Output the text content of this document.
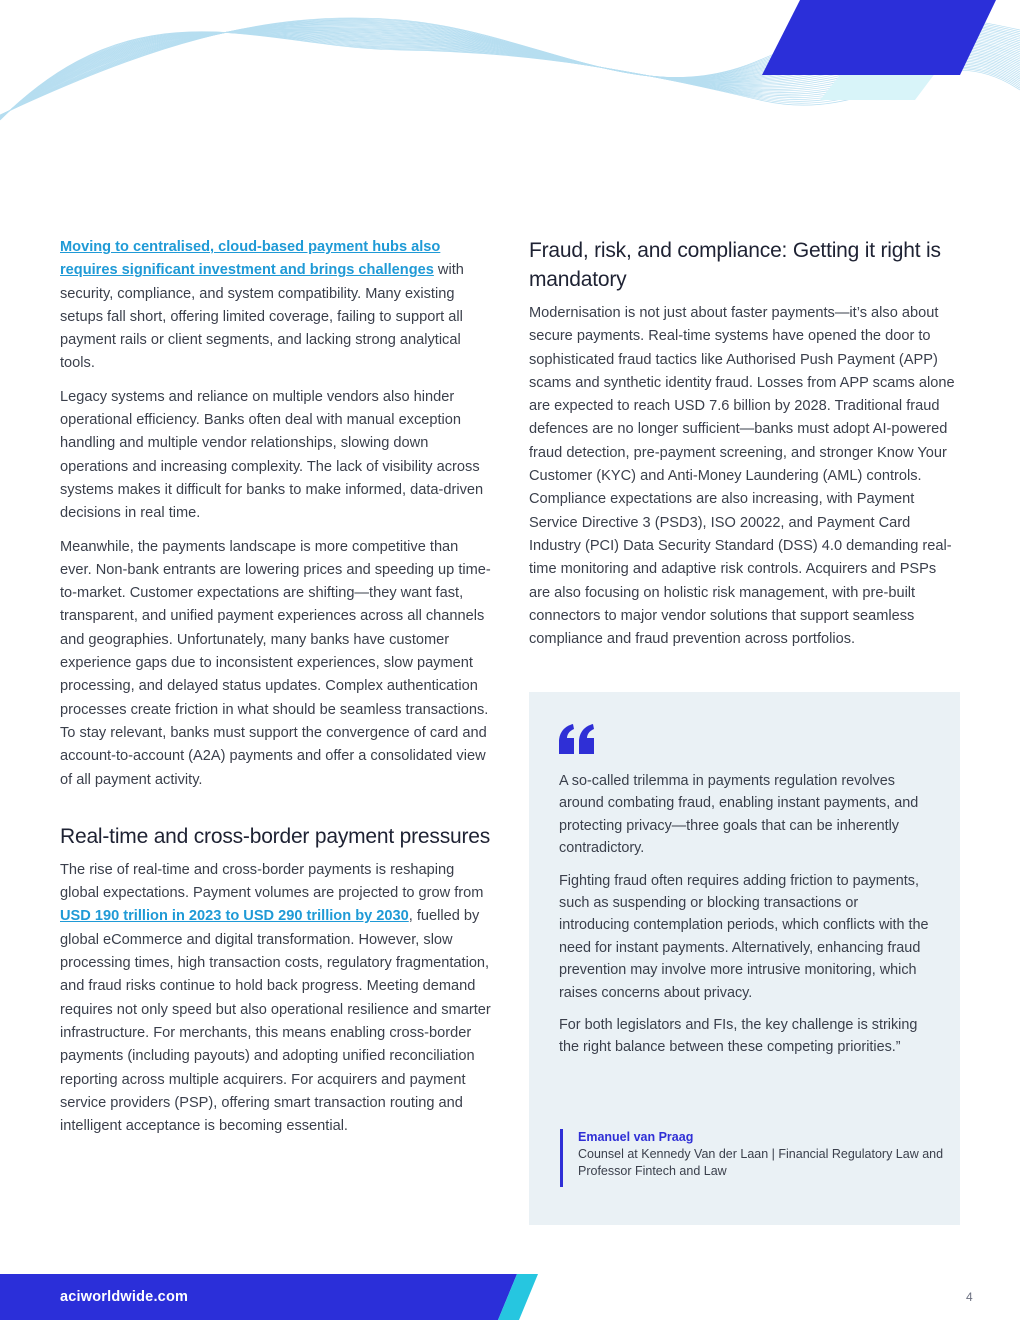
Moving to centralised, cloud-based payment hubs also requires significant investment and brings challenges with security, compliance, and system compatibility. Many existing setups fall short, offering limited coverage, failing to support all payment rails or client segments, and lacking strong analytical tools.

Legacy systems and reliance on multiple vendors also hinder operational efficiency. Banks often deal with manual exception handling and multiple vendor relationships, slowing down operations and increasing complexity. The lack of visibility across systems makes it difficult for banks to make informed, data-driven decisions in real time.

Meanwhile, the payments landscape is more competitive than ever. Non-bank entrants are lowering prices and speeding up time-to-market. Customer expectations are shifting—they want fast, transparent, and unified payment experiences across all channels and geographies. Unfortunately, many banks have customer experience gaps due to inconsistent experiences, slow payment processing, and delayed status updates. Complex authentication processes create friction in what should be seamless transactions. To stay relevant, banks must support the convergence of card and account-to-account (A2A) payments and offer a consolidated view of all payment activity.

Real-time and cross-border payment pressures

The rise of real-time and cross-border payments is reshaping global expectations. Payment volumes are projected to grow from USD 190 trillion in 2023 to USD 290 trillion by 2030, fuelled by global eCommerce and digital transformation. However, slow processing times, high transaction costs, regulatory fragmentation, and fraud risks continue to hold back progress. Meeting demand requires not only speed but also operational resilience and smarter infrastructure. For merchants, this means enabling cross-border payments (including payouts) and adopting unified reconciliation reporting across multiple acquirers. For acquirers and payment service providers (PSP), offering smart transaction routing and intelligent acceptance is becoming essential.

Fraud, risk, and compliance: Getting it right is mandatory

Modernisation is not just about faster payments—it’s also about secure payments. Real-time systems have opened the door to sophisticated fraud tactics like Authorised Push Payment (APP) scams and synthetic identity fraud. Losses from APP scams alone are expected to reach USD 7.6 billion by 2028. Traditional fraud defences are no longer sufficient—banks must adopt AI-powered fraud detection, pre-payment screening, and stronger Know Your Customer (KYC) and Anti-Money Laundering (AML) controls. Compliance expectations are also increasing, with Payment Service Directive 3 (PSD3), ISO 20022, and Payment Card Industry (PCI) Data Security Standard (DSS) 4.0 demanding real-time monitoring and adaptive risk controls. Acquirers and PSPs are also focusing on holistic risk management, with pre-built connectors to major vendor solutions that support seamless compliance and fraud prevention across portfolios.

A so-called trilemma in payments regulation revolves around combating fraud, enabling instant payments, and protecting privacy—three goals that can be inherently contradictory.

Fighting fraud often requires adding friction to payments, such as suspending or blocking transactions or introducing contemplation periods, which conflicts with the need for instant payments. Alternatively, enhancing fraud prevention may involve more intrusive monitoring, which raises concerns about privacy.

For both legislators and FIs, the key challenge is striking the right balance between these competing priorities.”

Emanuel van Praag
Counsel at Kennedy Van der Laan | Financial Regulatory Law and Professor Fintech and Law
aciworldwide.com	4
